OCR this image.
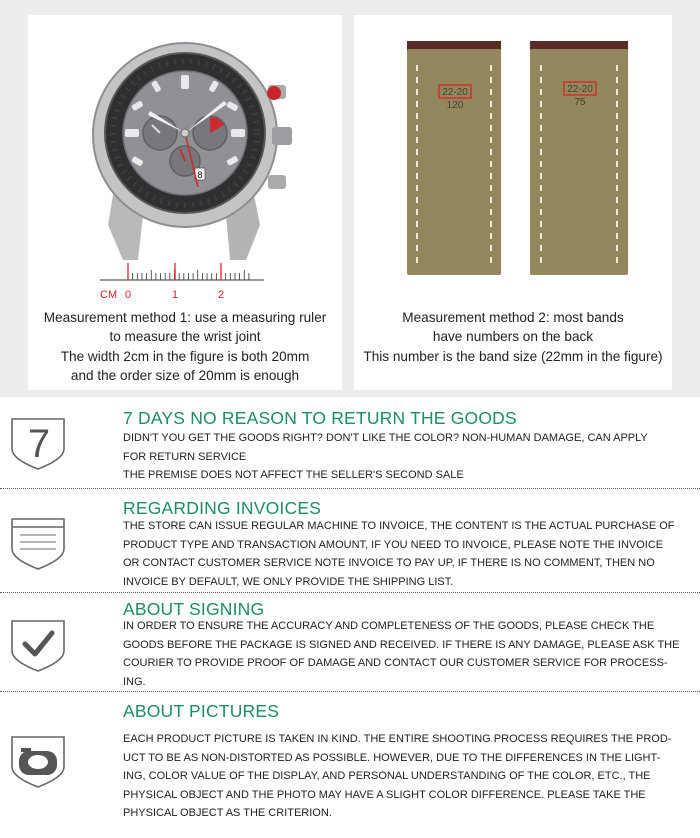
8
CM 0	1	2
Measurement method 1: use a measuring ruler
to measure the wrist joint
The width 2cm in the figure is both 20mm
and the order size of 20mm is enough
22-20
120
22-20
75
Measurement method 2: most bands
have numbers on the back
This number is the band size (22mm in the figure)
7
7 DAYS NO REASON TO RETURN THE GOODS
DIDN'T YOU GET THE GOODS RIGHT? DON'T LIKE THE COLOR? NON-HUMAN DAMAGE, CAN APPLY
FOR RETURN SERVICE
THE PREMISE DOES NOT AFFECT THE SELLER'S SECOND SALE
REGARDING INVOICES
THE STORE CAN ISSUE REGULAR MACHINE TO INVOICE, THE CONTENT IS THE ACTUAL PURCHASE OF
PRODUCT TYPE AND TRANSACTION AMOUNT, IF YOU NEED TO INVOICE, PLEASE NOTE THE INVOICE
OR CONTACT CUSTOMER SERVICE NOTE INVOICE TO PAY UP, IF THERE IS NO COMMENT, THEN NO
INVOICE BY DEFAULT, WE ONLY PROVIDE THE SHIPPING LIST.
ABOUT SIGNING
IN ORDER TO ENSURE THE ACCURACY AND COMPLETENESS OF THE GOODS, PLEASE CHECK THE
GOODS BEFORE THE PACKAGE IS SIGNED AND RECEIVED. IF THERE IS ANY DAMAGE, PLEASE ASK THE
COURIER TO PROVIDE PROOF OF DAMAGE AND CONTACT OUR CUSTOMER SERVICE FOR PROCESS-
ING.
ABOUT PICTURES
EACH PRODUCT PICTURE IS TAKEN IN KIND. THE ENTIRE SHOOTING PROCESS REQUIRES THE PROD-
UCT TO BE AS NON-DISTORTED AS POSSIBLE. HOWEVER, DUE TO THE DIFFERENCES IN THE LIGHT-
ING, COLOR VALUE OF THE DISPLAY, AND PERSONAL UNDERSTANDING OF THE COLOR, ETC., THE
PHYSICAL OBJECT AND THE PHOTO MAY HAVE A SLIGHT COLOR DIFFERENCE. PLEASE TAKE THE
PHYSICAL OBJECT AS THE CRITERION.
